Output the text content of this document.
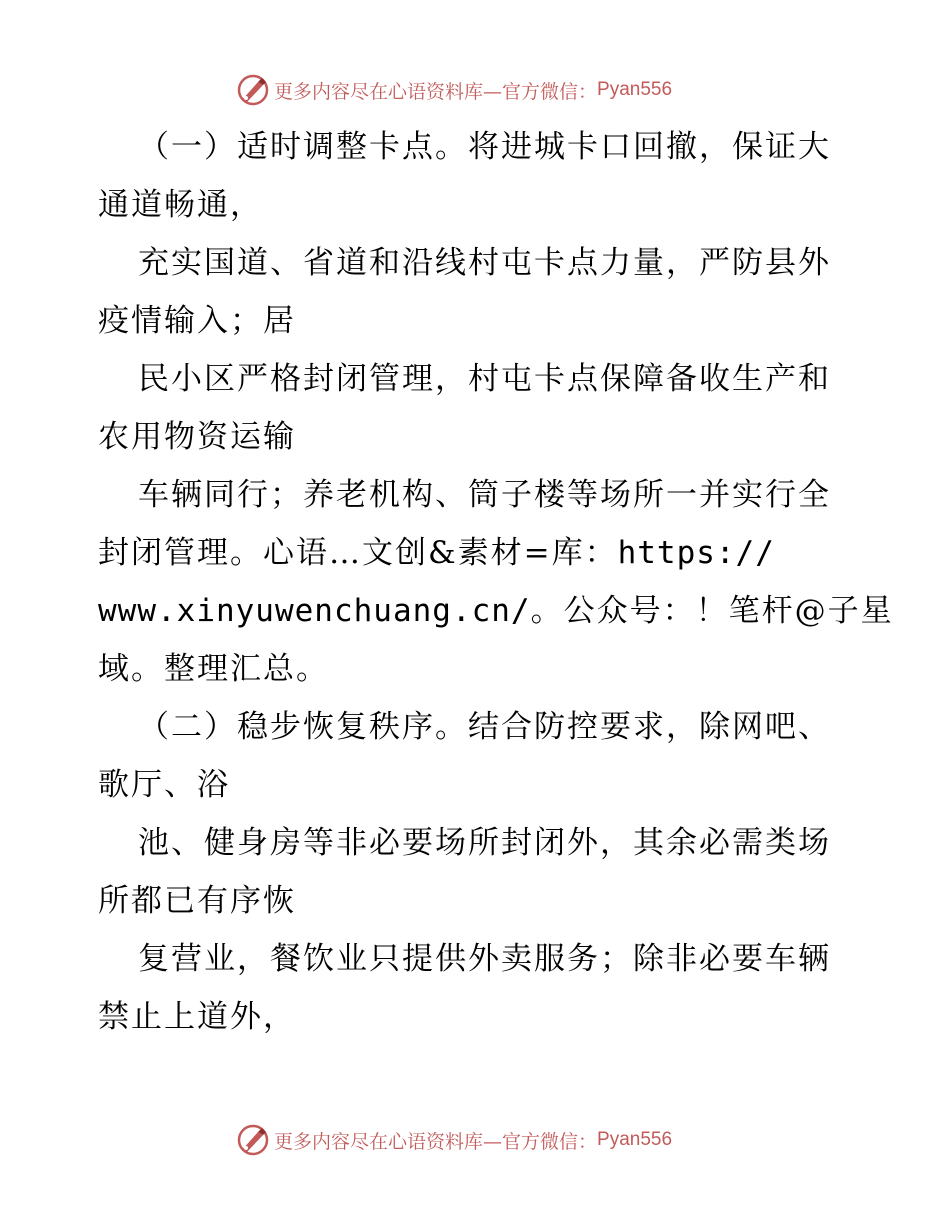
更多内容尽在心语资料库—官方微信： Pyan556
（一）适时调整卡点。将进城卡口回撤，保证大
通道畅通，
充实国道、省道和沿线村屯卡点力量，严防县外
疫情输入；居
民小区严格封闭管理，村屯卡点保障备收生产和
农用物资运输
车辆同行；养老机构、筒子楼等场所一并实行全
封闭管理。心语…文创&素材=库：https://
www.xinyuwenchuang.cn/。公众号：！笔杆@子星
域。整理汇总。
（二）稳步恢复秩序。结合防控要求，除网吧、
歌厅、浴
池、健身房等非必要场所封闭外，其余必需类场
所都已有序恢
复营业，餐饮业只提供外卖服务；除非必要车辆
禁止上道外，
更多内容尽在心语资料库—官方微信： Pyan556
